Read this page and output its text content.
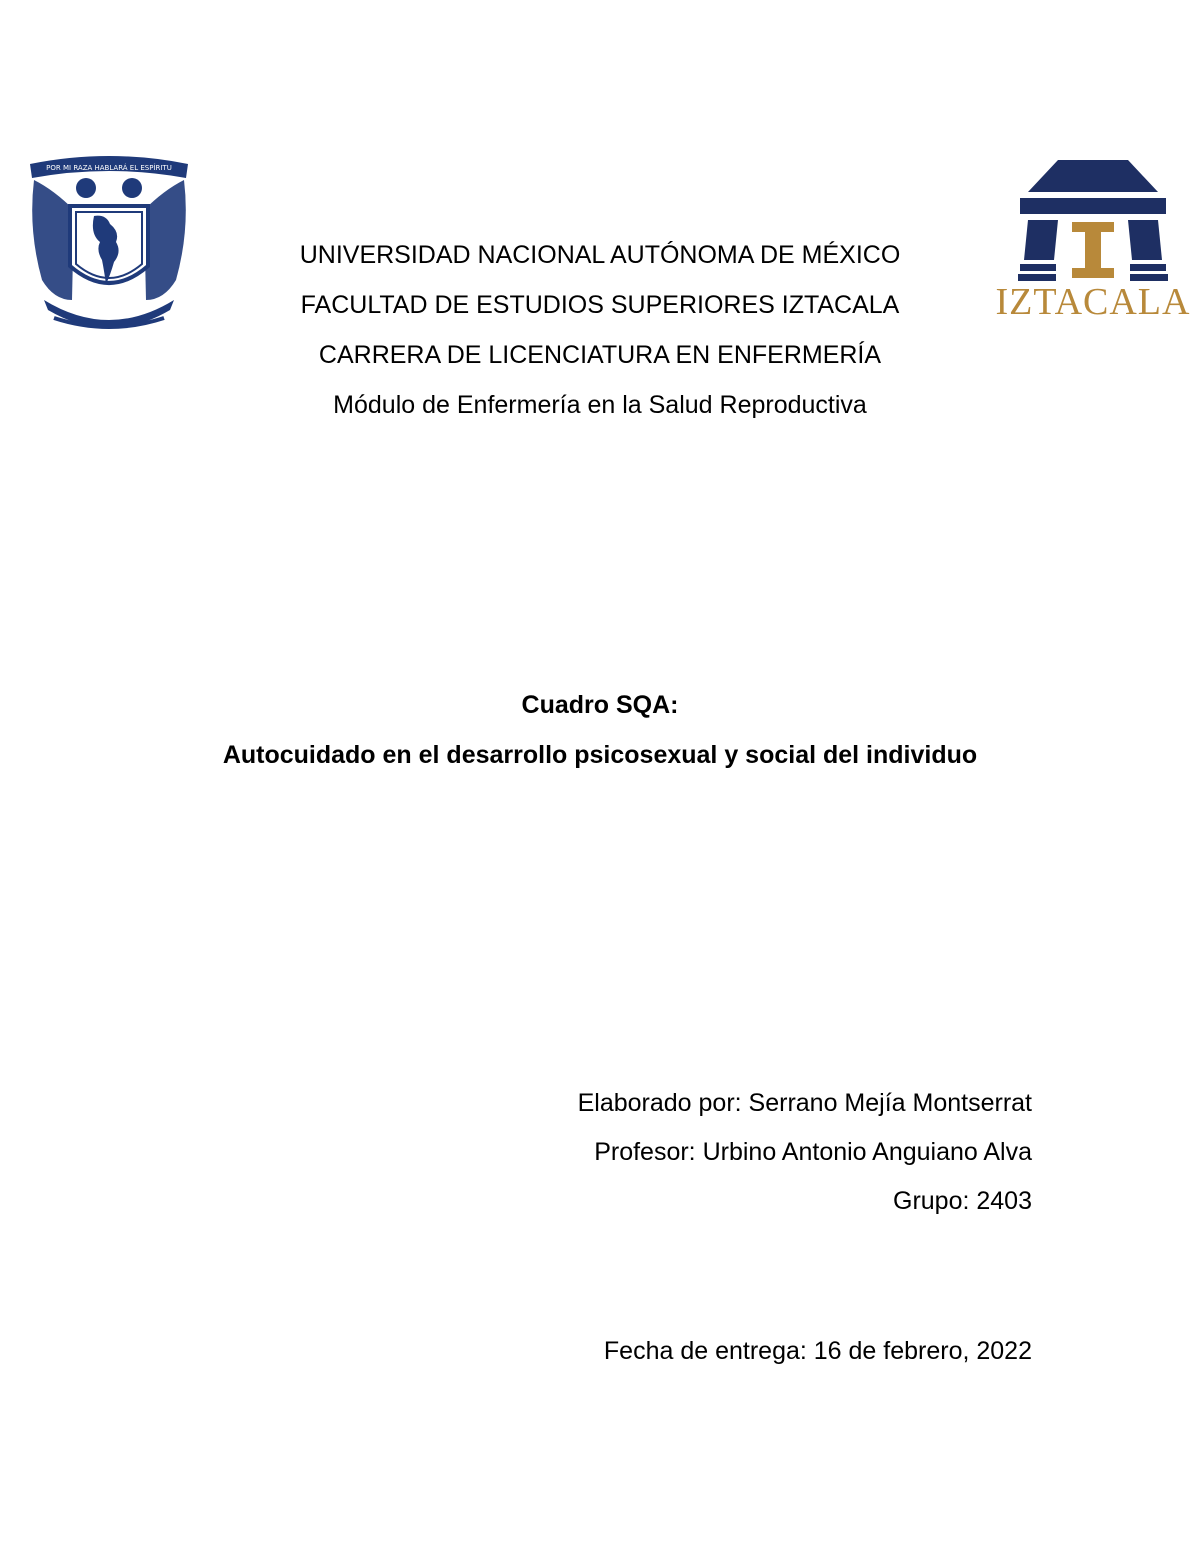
POR MI RAZA HABLARÁ EL ESPÍRITU
IZTACALA
UNIVERSIDAD NACIONAL AUTÓNOMA DE MÉXICO
FACULTAD DE ESTUDIOS SUPERIORES IZTACALA
CARRERA DE LICENCIATURA EN ENFERMERÍA
Módulo de Enfermería en la Salud Reproductiva
Cuadro SQA:
Autocuidado en el desarrollo psicosexual y social del individuo
Elaborado por: Serrano Mejía Montserrat
Profesor: Urbino Antonio Anguiano Alva
Grupo: 2403
Fecha de entrega: 16 de febrero, 2022
